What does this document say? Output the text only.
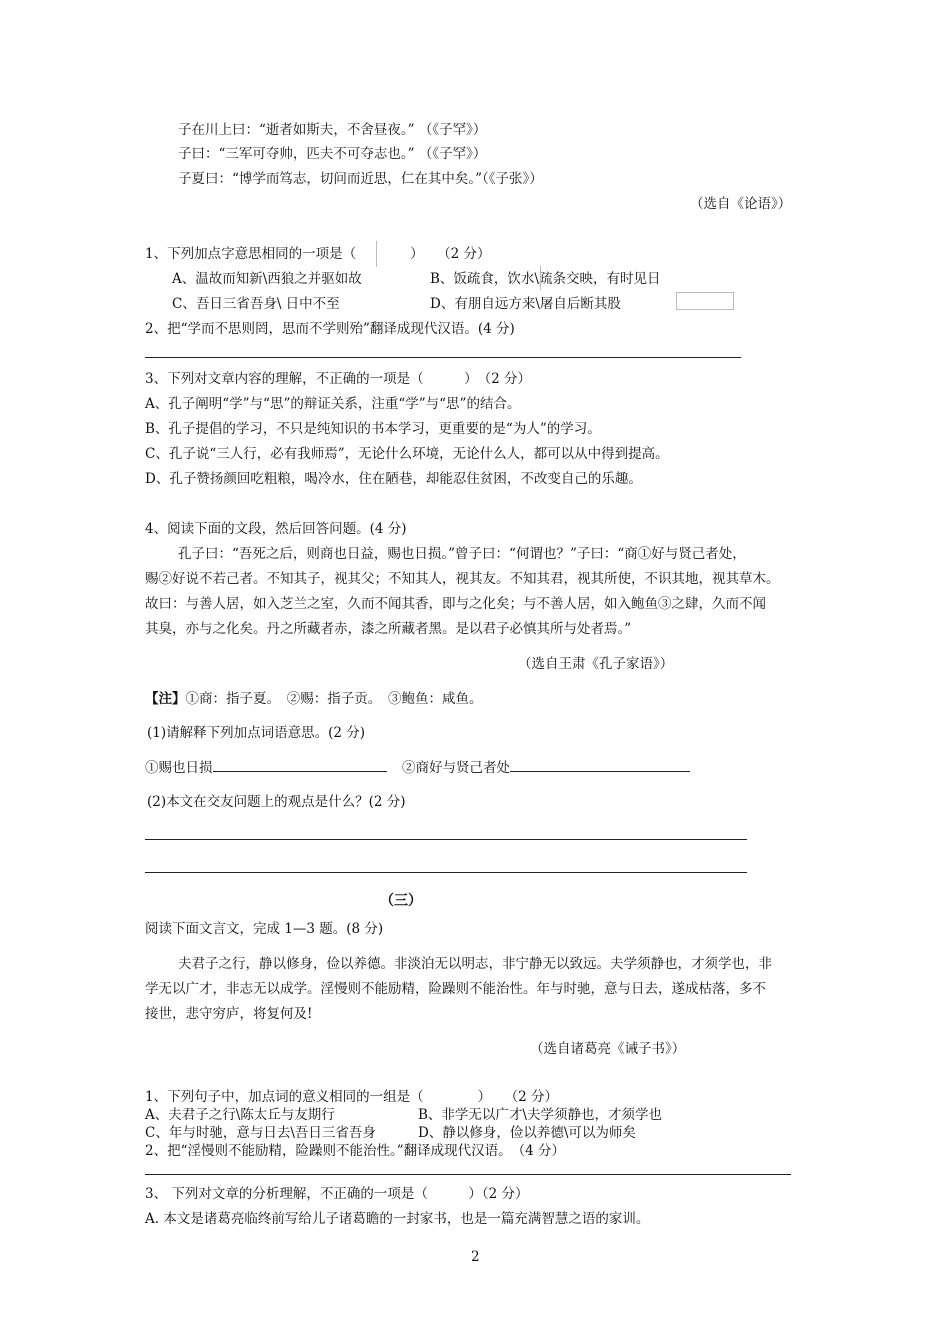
子在川上曰：“逝者如斯夫，不舍昼夜。” （《子罕》）
子曰：“三军可夺帅，匹夫不可夺志也。” （《子罕》）
子夏曰：“博学而笃志，切问而近思，仁在其中矣。”（《子张》）
（选自《论语》）
1、下列加点字意思相同的一项是（　　　　）　　（2 分）
A、温故而知新\西狼之并驱如故	B、饭疏食，饮水\疏条交映，有时见日
C、吾日三省吾身\ 日中不至	D、有朋自远方来\屠自后断其股
2、把“学而不思则罔，思而不学则殆”翻译成现代汉语。(4 分)
3、下列对文章内容的理解，不正确的一项是（　　　）　（2 分）
A、孔子阐明“学”与“思”的辩证关系，注重“学”与“思”的结合。
B、孔子提倡的学习，不只是纯知识的书本学习，更重要的是“为人”的学习。
C、孔子说“三人行，必有我师焉”，无论什么环境，无论什么人，都可以从中得到提高。
D、孔子赞扬颜回吃粗粮，喝冷水，住在陋巷，却能忍住贫困，不改变自己的乐趣。
4、阅读下面的文段，然后回答问题。(4 分)
孔子曰：“吾死之后，则商也日益，赐也日损。”曾子曰：“何谓也？”子曰：“商①好与贤己者处，
赐②好说不若己者。不知其子，视其父；不知其人，视其友。不知其君，视其所使，不识其地，视其草木。
故曰：与善人居，如入芝兰之室，久而不闻其香，即与之化矣；与不善人居，如入鲍鱼③之肆，久而不闻
其臭，亦与之化矣。丹之所藏者赤，漆之所藏者黑。是以君子必慎其所与处者焉。”
（选自王肃《孔子家语》）
【注】①商：指子夏。　②赐：指子贡。　③鲍鱼：咸鱼。
(1)请解释下列加点词语意思。(2 分)
①赐也日损	②商好与贤己者处
(2)本文在交友问题上的观点是什么？(2 分)
（三）
阅读下面文言文，完成 1—3 题。(8 分)
夫君子之行，静以修身，俭以养德。非淡泊无以明志，非宁静无以致远。夫学须静也，才须学也，非
学无以广才，非志无以成学。淫慢则不能励精，险躁则不能治性。年与时驰，意与日去，遂成枯落，多不
接世，悲守穷庐，将复何及!
（选自诸葛亮《诫子书》）
1、下列句子中，加点词的意义相同的一组是（　　　　）　　（2 分）
A、夫君子之行\陈太丘与友期行	B、非学无以广才\夫学须静也，才须学也
C、年与时驰，意与日去\吾日三省吾身	D、静以修身，俭以养德\可以为师矣
2、把“淫慢则不能励精，险躁则不能治性。”翻译成现代汉语。　（4 分）
3、 下列对文章的分析理解，不正确的一项是（　　　）（2 分）
A. 本文是诸葛亮临终前写给儿子诸葛瞻的一封家书，也是一篇充满智慧之语的家训。
2
